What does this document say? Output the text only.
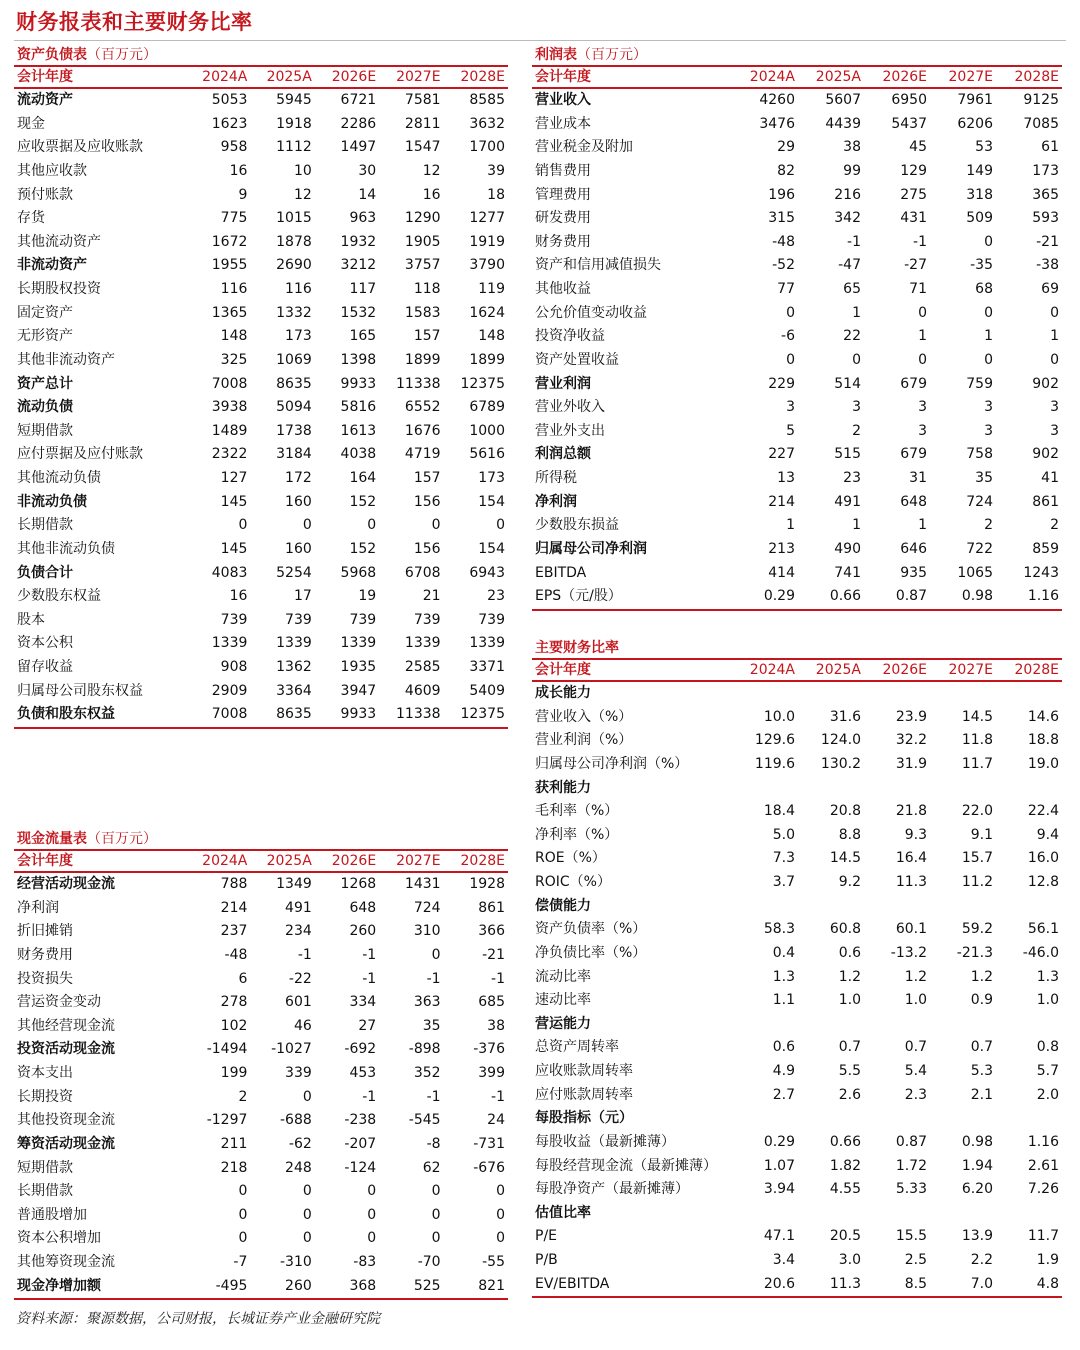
财务报表和主要财务比率
资产负债表（百万元）
会计年度	2024A	2025A	2026E	2027E	2028E
流动资产	5053	5945	6721	7581	8585
现金	1623	1918	2286	2811	3632
应收票据及应收账款	958	1112	1497	1547	1700
其他应收款	16	10	30	12	39
预付账款	9	12	14	16	18
存货	775	1015	963	1290	1277
其他流动资产	1672	1878	1932	1905	1919
非流动资产	1955	2690	3212	3757	3790
长期股权投资	116	116	117	118	119
固定资产	1365	1332	1532	1583	1624
无形资产	148	173	165	157	148
其他非流动资产	325	1069	1398	1899	1899
资产总计	7008	8635	9933	11338	12375
流动负债	3938	5094	5816	6552	6789
短期借款	1489	1738	1613	1676	1000
应付票据及应付账款	2322	3184	4038	4719	5616
其他流动负债	127	172	164	157	173
非流动负债	145	160	152	156	154
长期借款	0	0	0	0	0
其他非流动负债	145	160	152	156	154
负债合计	4083	5254	5968	6708	6943
少数股东权益	16	17	19	21	23
股本	739	739	739	739	739
资本公积	1339	1339	1339	1339	1339
留存收益	908	1362	1935	2585	3371
归属母公司股东权益	2909	3364	3947	4609	5409
负债和股东权益	7008	8635	9933	11338	12375
利润表（百万元）
会计年度	2024A	2025A	2026E	2027E	2028E
营业收入	4260	5607	6950	7961	9125
营业成本	3476	4439	5437	6206	7085
营业税金及附加	29	38	45	53	61
销售费用	82	99	129	149	173
管理费用	196	216	275	318	365
研发费用	315	342	431	509	593
财务费用	-48	-1	-1	0	-21
资产和信用减值损失	-52	-47	-27	-35	-38
其他收益	77	65	71	68	69
公允价值变动收益	0	1	0	0	0
投资净收益	-6	22	1	1	1
资产处置收益	0	0	0	0	0
营业利润	229	514	679	759	902
营业外收入	3	3	3	3	3
营业外支出	5	2	3	3	3
利润总额	227	515	679	758	902
所得税	13	23	31	35	41
净利润	214	491	648	724	861
少数股东损益	1	1	1	2	2
归属母公司净利润	213	490	646	722	859
EBITDA	414	741	935	1065	1243
EPS（元/股）	0.29	0.66	0.87	0.98	1.16
现金流量表（百万元）
会计年度	2024A	2025A	2026E	2027E	2028E
经营活动现金流	788	1349	1268	1431	1928
净利润	214	491	648	724	861
折旧摊销	237	234	260	310	366
财务费用	-48	-1	-1	0	-21
投资损失	6	-22	-1	-1	-1
营运资金变动	278	601	334	363	685
其他经营现金流	102	46	27	35	38
投资活动现金流	-1494	-1027	-692	-898	-376
资本支出	199	339	453	352	399
长期投资	2	0	-1	-1	-1
其他投资现金流	-1297	-688	-238	-545	24
筹资活动现金流	211	-62	-207	-8	-731
短期借款	218	248	-124	62	-676
长期借款	0	0	0	0	0
普通股增加	0	0	0	0	0
资本公积增加	0	0	0	0	0
其他筹资现金流	-7	-310	-83	-70	-55
现金净增加额	-495	260	368	525	821
主要财务比率
会计年度	2024A	2025A	2026E	2027E	2028E
成长能力					
营业收入（%）	10.0	31.6	23.9	14.5	14.6
营业利润（%）	129.6	124.0	32.2	11.8	18.8
归属母公司净利润（%）	119.6	130.2	31.9	11.7	19.0
获利能力					
毛利率（%）	18.4	20.8	21.8	22.0	22.4
净利率（%）	5.0	8.8	9.3	9.1	9.4
ROE（%）	7.3	14.5	16.4	15.7	16.0
ROIC（%）	3.7	9.2	11.3	11.2	12.8
偿债能力					
资产负债率（%）	58.3	60.8	60.1	59.2	56.1
净负债比率（%）	0.4	0.6	-13.2	-21.3	-46.0
流动比率	1.3	1.2	1.2	1.2	1.3
速动比率	1.1	1.0	1.0	0.9	1.0
营运能力					
总资产周转率	0.6	0.7	0.7	0.7	0.8
应收账款周转率	4.9	5.5	5.4	5.3	5.7
应付账款周转率	2.7	2.6	2.3	2.1	2.0
每股指标（元）					
每股收益（最新摊薄）	0.29	0.66	0.87	0.98	1.16
每股经营现金流（最新摊薄）	1.07	1.82	1.72	1.94	2.61
每股净资产（最新摊薄）	3.94	4.55	5.33	6.20	7.26
估值比率					
P/E	47.1	20.5	15.5	13.9	11.7
P/B	3.4	3.0	2.5	2.2	1.9
EV/EBITDA	20.6	11.3	8.5	7.0	4.8
资料来源：聚源数据，公司财报，长城证券产业金融研究院
